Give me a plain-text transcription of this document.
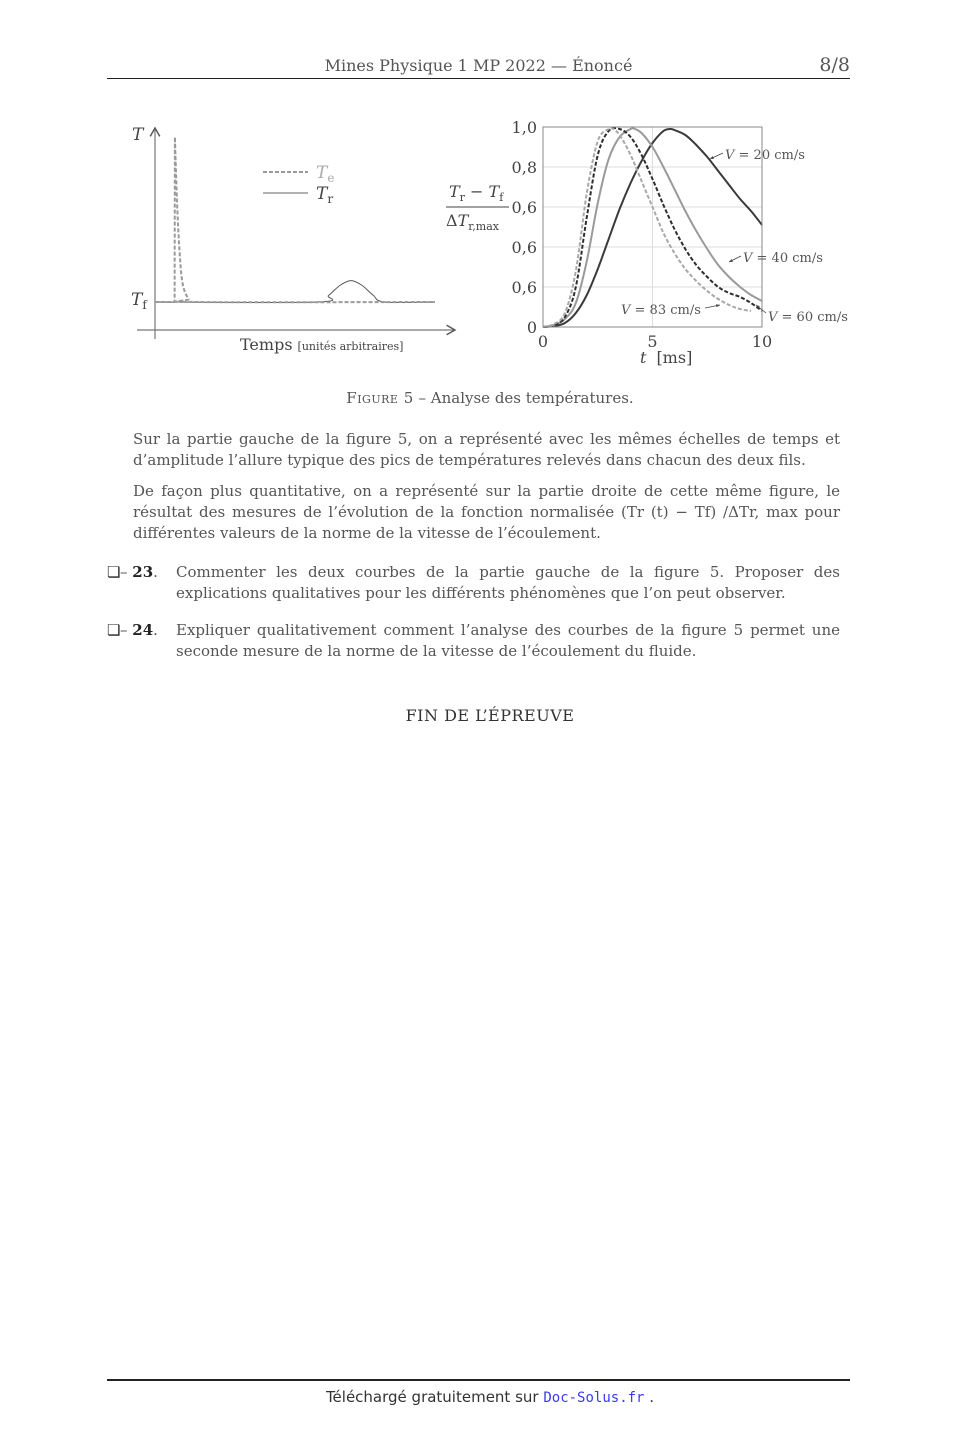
Mines Physique 1 MP 2022 — Énoncé	8/8
T
$T_f$
$T_e$
$T_r$
Temps [unités arbitraires]
$T_r - T_f$
$\Delta T_{r,max}$
0
0,6
0,6
0,6
0,8
1,0
0	5	10
t [ms]
V = 20 cm/s
V = 40 cm/s
V = 60 cm/s
V = 83 cm/s
Figure 5 – Analyse des températures.

Sur la partie gauche de la figure 5, on a représenté avec les mêmes échelles de temps et d’amplitude l’allure typique des pics de températures relevés dans chacun des deux fils.

De façon plus quantitative, on a représenté sur la partie droite de cette même figure, le résultat des mesures de l’évolution de la fonction normalisée (Tr (t) − Tf) /ΔTr, max pour différentes valeurs de la norme de la vitesse de l’écoulement.

❏ – 23. Commenter les deux courbes de la partie gauche de la figure 5. Proposer des explications qualitatives pour les différents phénomènes que l’on peut observer.
❏ – 24. Expliquer qualitativement comment l’analyse des courbes de la figure 5 permet une seconde mesure de la norme de la vitesse de l’écoulement du fluide.
FIN DE L’ÉPREUVE
Téléchargé gratuitement sur Doc-Solus.fr .
